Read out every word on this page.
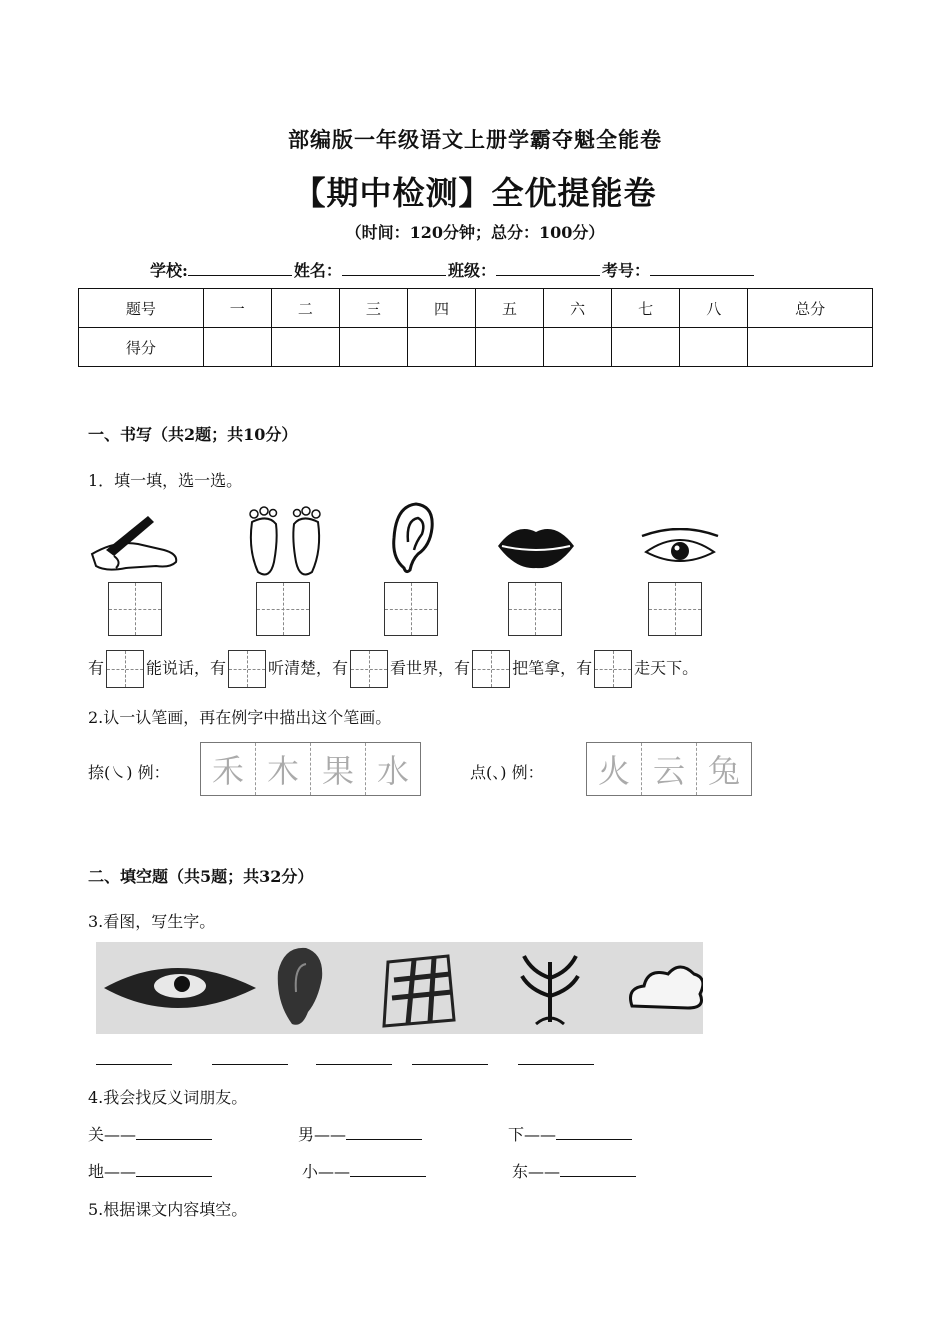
部编版一年级语文上册学霸夺魁全能卷
【期中检测】全优提能卷
（时间：120分钟；总分：100分）
学校:	姓名：	班级：	考号：
题号	一	二	三	四	五	六	七	八	总分
得分									
一、书写（共2题；共10分）
1．填一填，选一选。
有	能说话，有	听清楚，有	看世界，有	把笔拿，有	走天下。
2.认一认笔画，再在例字中描出这个笔画。
捺(㇏) 例：	禾 木 果 水	点(、) 例：	火 云 兔
二、填空题（共5题；共32分）
3.看图，写生字。
4.我会找反义词朋友。
关——	男——	下——
地——	小——	东——
5.根据课文内容填空。
